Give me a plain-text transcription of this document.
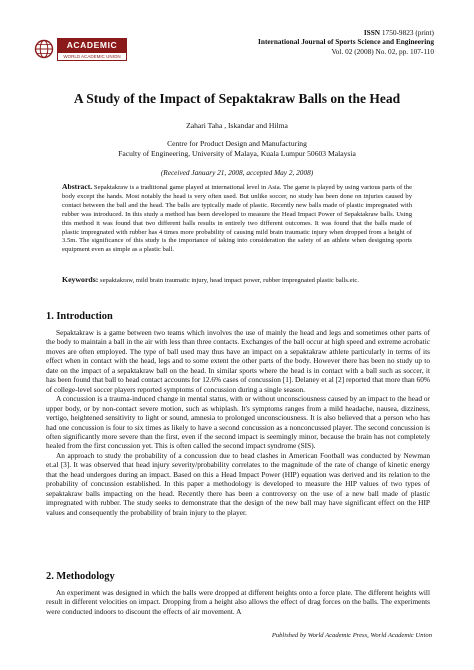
ACADEMIC
WORLD ACADEMIC UNION
ISSN 1750-9823 (print)
International Journal of Sports Science and Engineering
Vol. 02 (2008) No. 02, pp. 107-110
A Study of the Impact of Sepaktakraw Balls on the Head
Zahari Taha , Iskandar and Hilma
Centre for Product Design and Manufacturing
Faculty of Engineering, University of Malaya, Kuala Lumpur 50603 Malaysia
(Received January 21, 2008, accepted May 2, 2008)
Abstract. Sepaktakraw is a traditional game played at international level in Asia. The game is played by using various parts of the body except the hands. Most notably the head is very often used. But unlike soccer, no study has been done on injuries caused by contact between the ball and the head. The balls are typically made of plastic. Recently new balls made of plastic impregnated with rubber was introduced. In this study a method has been developed to measure the Head Impact Power of Sepaktakraw balls. Using this method it was found that two different balls results in entirely two different outcomes. It was found that the balls made of plastic impregnated with rubber has 4 times more probability of causing mild brain traumatic injury when dropped from a height of 3.5m. The significance of this study is the importance of taking into consideration the safety of an athlete when designing sports equipment even as simple as a plastic ball.
Keywords: sepaktakraw, mild brain traumatic injury, head impact power, rubber impregnated plastic balls.etc.
1. Introduction

Sepaktakraw is a game between two teams which involves the use of mainly the head and legs and sometimes other parts of the body to maintain a ball in the air with less than three contacts. Exchanges of the ball occur at high speed and extreme acrobatic moves are often employed. The type of ball used may thus have an impact on a sepaktakraw athlete particularly in terms of its effect when in contact with the head, legs and to some extent the other parts of the body. However there has been no study up to date on the impact of a sepaktakraw ball on the head. In similar sports where the head is in contact with a ball such as soccer, it has been found that ball to head contact accounts for 12.6% cases of concussion [1]. Delaney et al [2] reported that more than 60% of college-level soccer players reported symptoms of concussion during a single season.

A concussion is a trauma-induced change in mental status, with or without unconsciousness caused by an impact to the head or upper body, or by non-contact severe motion, such as whiplash. It's symptoms ranges from a mild headache, nausea, dizziness, vertigo, heightened sensitivity to light or sound, amnesia to prolonged unconsciousness. It is also believed that a person who has had one concussion is four to six times as likely to have a second concussion as a nonconcussed player. The second concussion is often significantly more severe than the first, even if the second impact is seemingly minor, because the brain has not completely healed from the first concussion yet. This is often called the second impact syndrome (SIS).

An approach to study the probability of a concussion due to head clashes in American Football was conducted by Newman et.al [3]. It was observed that head injury severity/probability correlates to the magnitude of the rate of change of kinetic energy that the head undergoes during an impact. Based on this a Head Impact Power (HIP) equation was derived and its relation to the probability of concussion established. In this paper a methodology is developed to measure the HIP values of two types of sepaktakraw balls impacting on the head. Recently there has been a controversy on the use of a new ball made of plastic impregnated with rubber. The study seeks to demonstrate that the design of the new ball may have significant effect on the HIP values and consequently the probability of brain injury to the player.

2. Methodology

An experiment was designed in which the balls were dropped at different heights onto a force plate. The different heights will result in different velocities on impact. Dropping from a height also allows the effect of drag forces on the balls. The experiments were conducted indoors to discount the effects of air movement. A

Published by World Academic Press, World Academic Union
